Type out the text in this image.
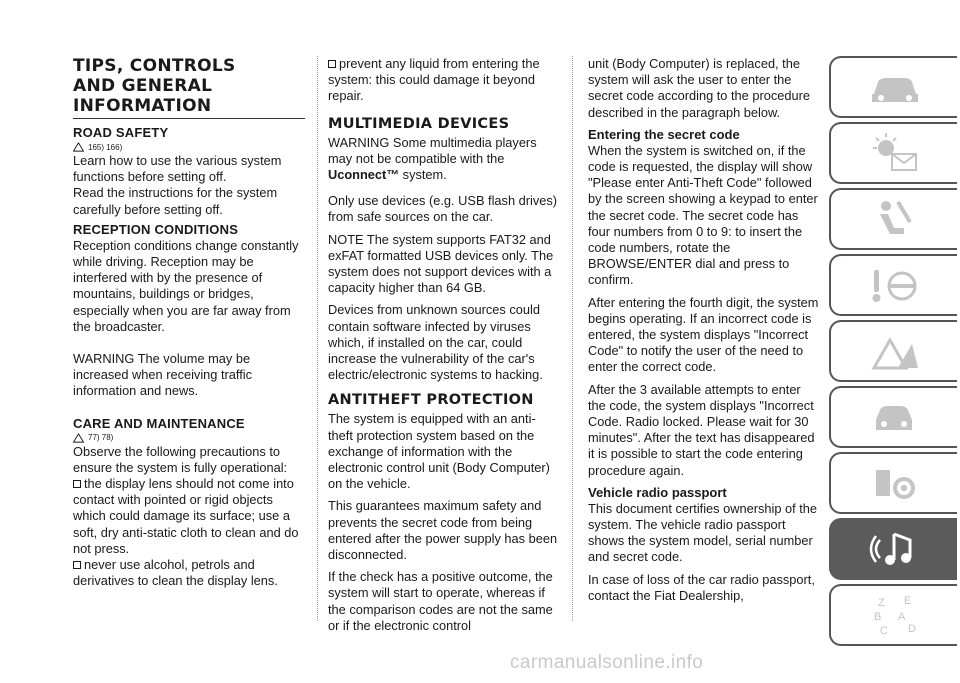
TIPS, CONTROLS
AND GENERAL
INFORMATION
ROAD SAFETY
165) 166)

Learn how to use the various system functions before setting off.

Read the instructions for the system carefully before setting off.

RECEPTION CONDITIONS

Reception conditions change constantly while driving. Reception may be interfered with by the presence of mountains, buildings or bridges, especially when you are far away from the broadcaster.

WARNING The volume may be increased when receiving traffic information and news.

CARE AND MAINTENANCE
77) 78)

Observe the following precautions to ensure the system is fully operational:

the display lens should not come into contact with pointed or rigid objects which could damage its surface; use a soft, dry anti-static cloth to clean and do not press.

never use alcohol, petrols and derivatives to clean the display lens.

prevent any liquid from entering the system: this could damage it beyond repair.

MULTIMEDIA DEVICES

WARNING Some multimedia players may not be compatible with the Uconnect™ system.

Only use devices (e.g. USB flash drives) from safe sources on the car.

NOTE The system supports FAT32 and exFAT formatted USB devices only. The system does not support devices with a capacity higher than 64 GB.

Devices from unknown sources could contain software infected by viruses which, if installed on the car, could increase the vulnerability of the car's electric/electronic systems to hacking.

ANTITHEFT PROTECTION

The system is equipped with an anti-theft protection system based on the exchange of information with the electronic control unit (Body Computer) on the vehicle.

This guarantees maximum safety and prevents the secret code from being entered after the power supply has been disconnected.

If the check has a positive outcome, the system will start to operate, whereas if the comparison codes are not the same or if the electronic control

unit (Body Computer) is replaced, the system will ask the user to enter the secret code according to the procedure described in the paragraph below.

Entering the secret code

When the system is switched on, if the code is requested, the display will show "Please enter Anti-Theft Code" followed by the screen showing a keypad to enter the secret code. The secret code has four numbers from 0 to 9: to insert the code numbers, rotate the BROWSE/ENTER dial and press to confirm.

After entering the fourth digit, the system begins operating. If an incorrect code is entered, the system displays "Incorrect Code" to notify the user of the need to enter the correct code.

After the 3 available attempts to enter the code, the system displays "Incorrect Code. Radio locked. Please wait for 30 minutes". After the text has disappeared it is possible to start the code entering procedure again.

Vehicle radio passport

This document certifies ownership of the system. The vehicle radio passport shows the system model, serial number and secret code.

In case of loss of the car radio passport, contact the Fiat Dealership,

Z E
B A
C D
carmanualsonline.info
